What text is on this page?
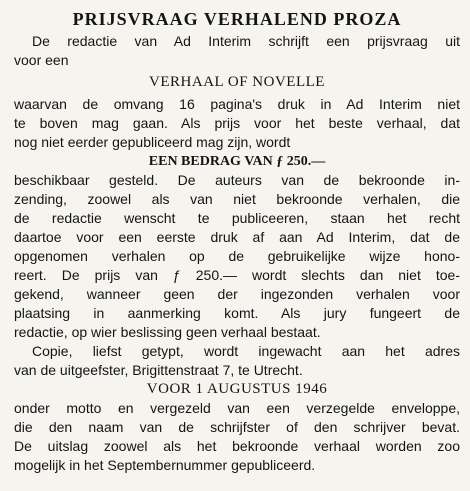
PRIJSVRAAG VERHALEND PROZA
De redactie van Ad Interim schrijft een prijsvraag uit
voor een
VERHAAL OF NOVELLE
waarvan de omvang 16 pagina's druk in Ad Interim niet
te boven mag gaan. Als prijs voor het beste verhaal, dat
nog niet eerder gepubliceerd mag zijn, wordt
EEN BEDRAG VAN ƒ 250.—
beschikbaar gesteld. De auteurs van de bekroonde in-
zending, zoowel als van niet bekroonde verhalen, die
de redactie wenscht te publiceeren, staan het recht
daartoe voor een eerste druk af aan Ad Interim, dat de
opgenomen verhalen op de gebruikelijke wijze hono-
reert. De prijs van ƒ 250.— wordt slechts dan niet toe-
gekend, wanneer geen der ingezonden verhalen voor
plaatsing in aanmerking komt. Als jury fungeert de
redactie, op wier beslissing geen verhaal bestaat.
Copie, liefst getypt, wordt ingewacht aan het adres
van de uitgeefster, Brigittenstraat 7, te Utrecht.
VOOR 1 AUGUSTUS 1946
onder motto en vergezeld van een verzegelde enveloppe,
die den naam van de schrijfster of den schrijver bevat.
De uitslag zoowel als het bekroonde verhaal worden zoo
mogelijk in het Septembernummer gepubliceerd.
